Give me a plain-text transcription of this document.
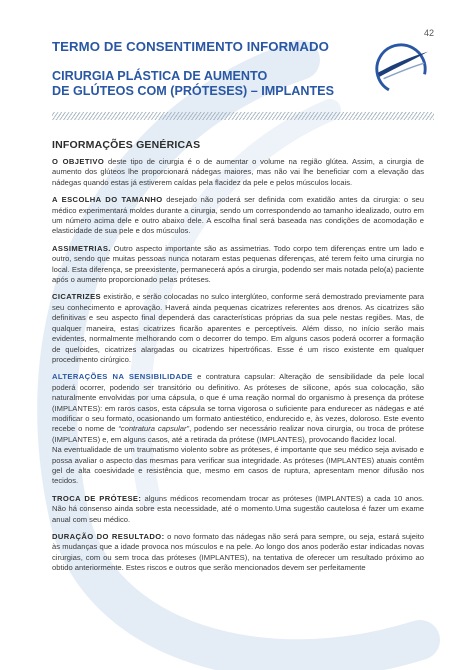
42
TERMO DE CONSENTIMENTO INFORMADO
CIRURGIA PLÁSTICA DE AUMENTO
DE GLÚTEOS COM (PRÓTESES) – IMPLANTES
INFORMAÇÕES GENÉRICAS

O OBJETIVO deste tipo de cirurgia é o de aumentar o volume na região glútea. Assim, a cirurgia de aumento dos glúteos lhe proporcionará nádegas maiores, mas não vai lhe beneficiar com a elevação das nádegas quando estas já estiverem caídas pela flacidez da pele e pelos músculos locais.

A ESCOLHA DO TAMANHO desejado não poderá ser definida com exatidão antes da cirurgia: o seu médico experimentará moldes durante a cirurgia, sendo um correspondendo ao tamanho idealizado, outro em um número acima dele e outro abaixo dele. A escolha final será baseada nas condições de acomodação e elasticidade de sua pele e dos músculos.

ASSIMETRIAS. Outro aspecto importante são as assimetrias. Todo corpo tem diferenças entre um lado e outro, sendo que muitas pessoas nunca notaram estas pequenas diferenças, até terem feito uma cirurgia no local. Esta diferença, se preexistente, permanecerá após a cirurgia, podendo ser mais notada pelo(a) paciente após o aumento proporcionado pelas próteses.

CICATRIZES existirão, e serão colocadas no sulco interglúteo, conforme será demostrado previamente para seu conhecimento e aprovação. Haverá ainda pequenas cicatrizes referentes aos drenos. As cicatrizes são definitivas e seu aspecto final dependerá das características próprias da sua pele nestas regiões. Mas, de qualquer maneira, estas cicatrizes ficarão aparentes e perceptíveis. Além disso, no início serão mais evidentes, normalmente melhorando com o decorrer do tempo. Em alguns casos poderá ocorrer a formação de queloides, cicatrizes alargadas ou cicatrizes hipertróficas. Esse é um risco existente em qualquer procedimento cirúrgico.

ALTERAÇÕES NA SENSIBILIDADE e contratura capsular: Alteração de sensibilidade da pele local poderá ocorrer, podendo ser transitório ou definitivo. As próteses de silicone, após sua colocação, são naturalmente envolvidas por uma cápsula, o que é uma reação normal do organismo à presença da prótese (IMPLANTES): em raros casos, esta cápsula se torna vigorosa o suficiente para endurecer as nádegas e até modificar o seu formato, ocasionando um formato antiestético, endurecido e, às vezes, doloroso. Este evento recebe o nome de “contratura capsular”, podendo ser necessário realizar nova cirurgia, ou troca de prótese (IMPLANTES) e, em alguns casos, até a retirada da prótese (IMPLANTES), provocando flacidez local.

Na eventualidade de um traumatismo violento sobre as próteses, é importante que seu médico seja avisado e possa avaliar o aspecto das mesmas para verificar sua integridade. As próteses (IMPLANTES) atuais contêm gel de alta coesividade e resistência que, mesmo em casos de ruptura, apresentam menor difusão nos tecidos.

TROCA DE PRÓTESE: alguns médicos recomendam trocar as próteses (IMPLANTES) a cada 10 anos. Não há consenso ainda sobre esta necessidade, até o momento.Uma sugestão cautelosa é fazer um exame anual com seu médico.

DURAÇÃO DO RESULTADO: o novo formato das nádegas não será para sempre, ou seja, estará sujeito às mudanças que a idade provoca nos músculos e na pele. Ao longo dos anos poderão estar indicadas novas cirurgias, com ou sem troca das próteses (IMPLANTES), na tentativa de oferecer um resultado próximo ao obtido anteriormente. Estes riscos e outros que serão mencionados devem ser perfeitamente
